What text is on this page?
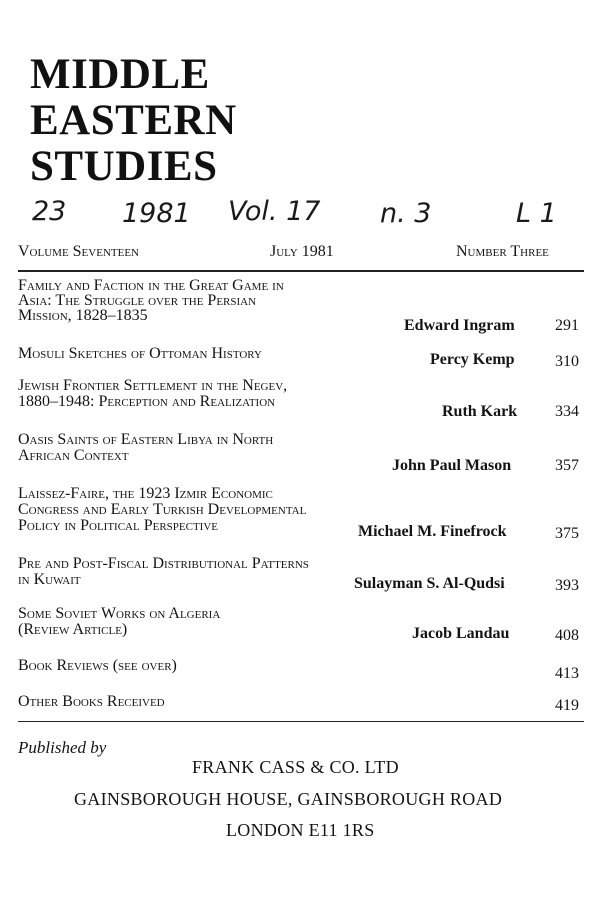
MIDDLE
EASTERN
STUDIES
23 1981 Vol. 17 n. 3	L 1
Volume Seventeen	July 1981	Number Three
Family and Faction in the Great Game in
Asia: The Struggle over the Persian
Mission, 1828–1835
Edward Ingram	291
Mosuli Sketches of Ottoman History	Percy Kemp	310
Jewish Frontier Settlement in the Negev,
1880–1948: Perception and Realization
Ruth Kark 334
Oasis Saints of Eastern Libya in North
African Context
John Paul Mason	357
Laissez-Faire, the 1923 Izmir Economic
Congress and Early Turkish Developmental
Policy in Political Perspective	Michael M. Finefrock	375
Pre and Post-Fiscal Distributional Patterns
in Kuwait	Sulayman S. Al-Qudsi	393
Some Soviet Works on Algeria
(Review Article)	Jacob Landau	408
Book Reviews (see over)	413
Other Books Received	419
Published by
FRANK CASS & CO. LTD
GAINSBOROUGH HOUSE, GAINSBOROUGH ROAD
LONDON E11 1RS
